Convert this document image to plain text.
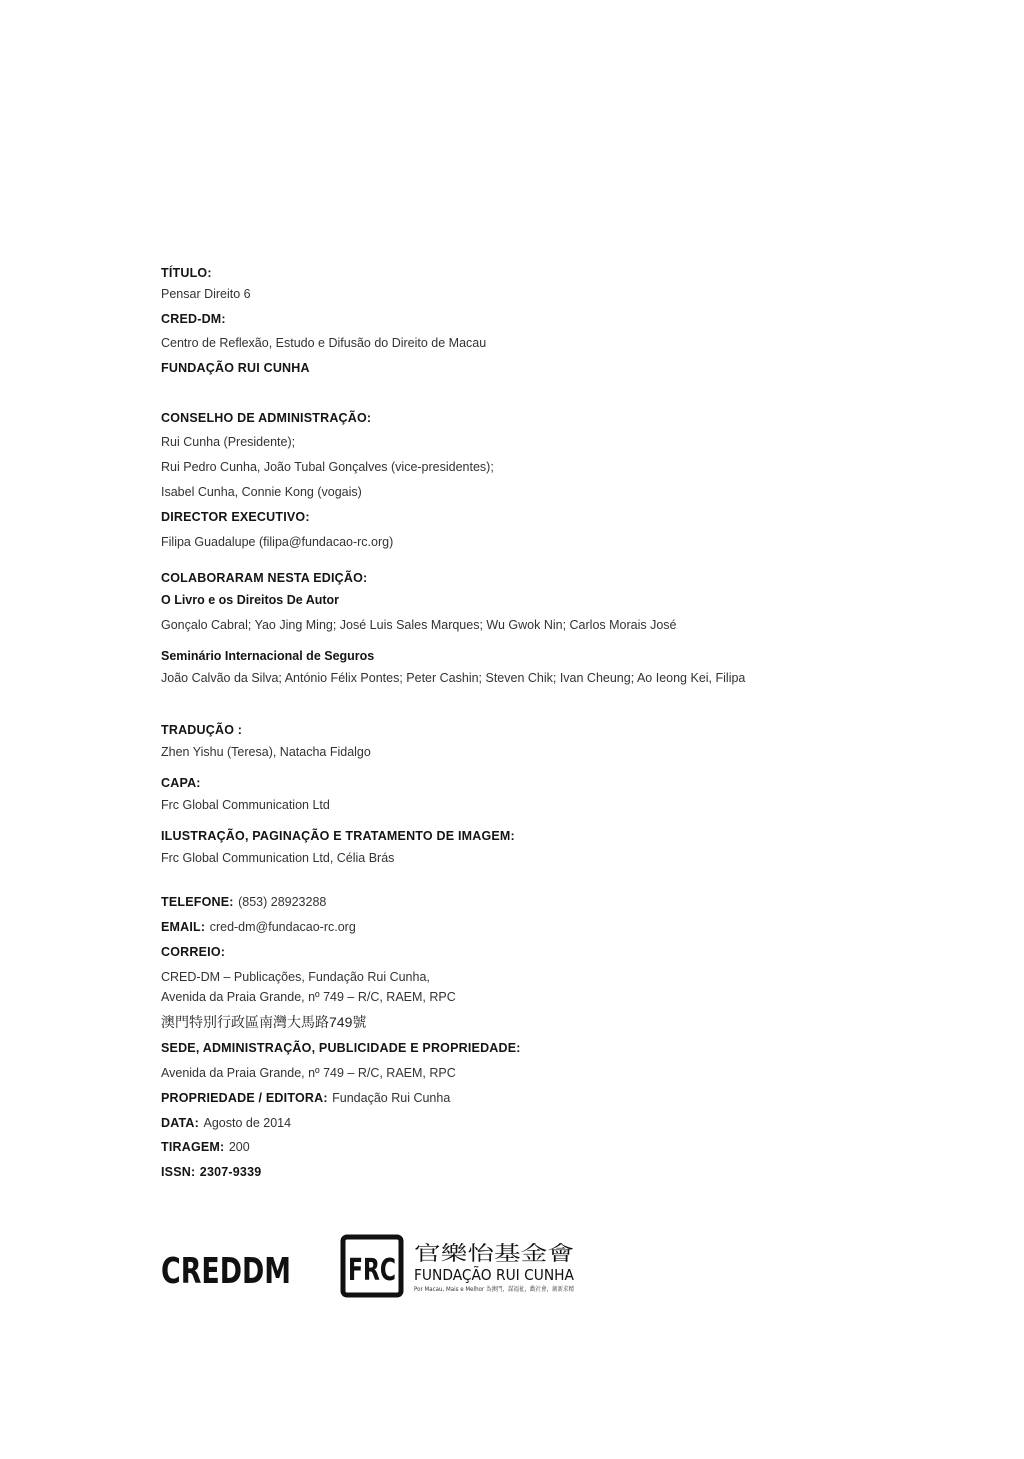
TÍTULO:
Pensar Direito 6
CRED-DM:
Centro de Reflexão, Estudo e Difusão do Direito de Macau
FUNDAÇÃO RUI CUNHA
CONSELHO DE ADMINISTRAÇÃO:
Rui Cunha (Presidente);
Rui Pedro Cunha, João Tubal Gonçalves (vice-presidentes);
Isabel Cunha, Connie Kong (vogais)
DIRECTOR EXECUTIVO:
Filipa Guadalupe (filipa@fundacao-rc.org)
COLABORARAM NESTA EDIÇÃO:
O Livro e os Direitos De Autor
Gonçalo Cabral; Yao Jing Ming; José Luis Sales Marques; Wu Gwok Nin; Carlos Morais José
Seminário Internacional de Seguros
João Calvão da Silva; António Félix Pontes; Peter Cashin; Steven Chik; Ivan Cheung; Ao Ieong Kei, Filipa
TRADUÇÃO :
Zhen Yishu (Teresa), Natacha Fidalgo
CAPA:
Frc Global Communication Ltd
ILUSTRAÇÃO, PAGINAÇÃO E TRATAMENTO DE IMAGEM:
Frc Global Communication Ltd, Célia Brás
TELEFONE: (853) 28923288
EMAIL: cred-dm@fundacao-rc.org
CORREIO:
CRED-DM – Publicações, Fundação Rui Cunha,
Avenida da Praia Grande, nº 749 – R/C, RAEM, RPC
澳門特別行政區南灣大馬路749號
SEDE, ADMINISTRAÇÃO, PUBLICIDADE E PROPRIEDADE:
Avenida da Praia Grande, nº 749 – R/C, RAEM, RPC
PROPRIEDADE / EDITORA: Fundação Rui Cunha
DATA: Agosto de 2014
TIRAGEM: 200
ISSN: 2307-9339
CREDDM FRC 官樂怡基金會
FUNDAÇÃO RUI CUNHA
Por Macau, Mais e Melhor 為澳門，謀福祉，勸社會，創新求精
